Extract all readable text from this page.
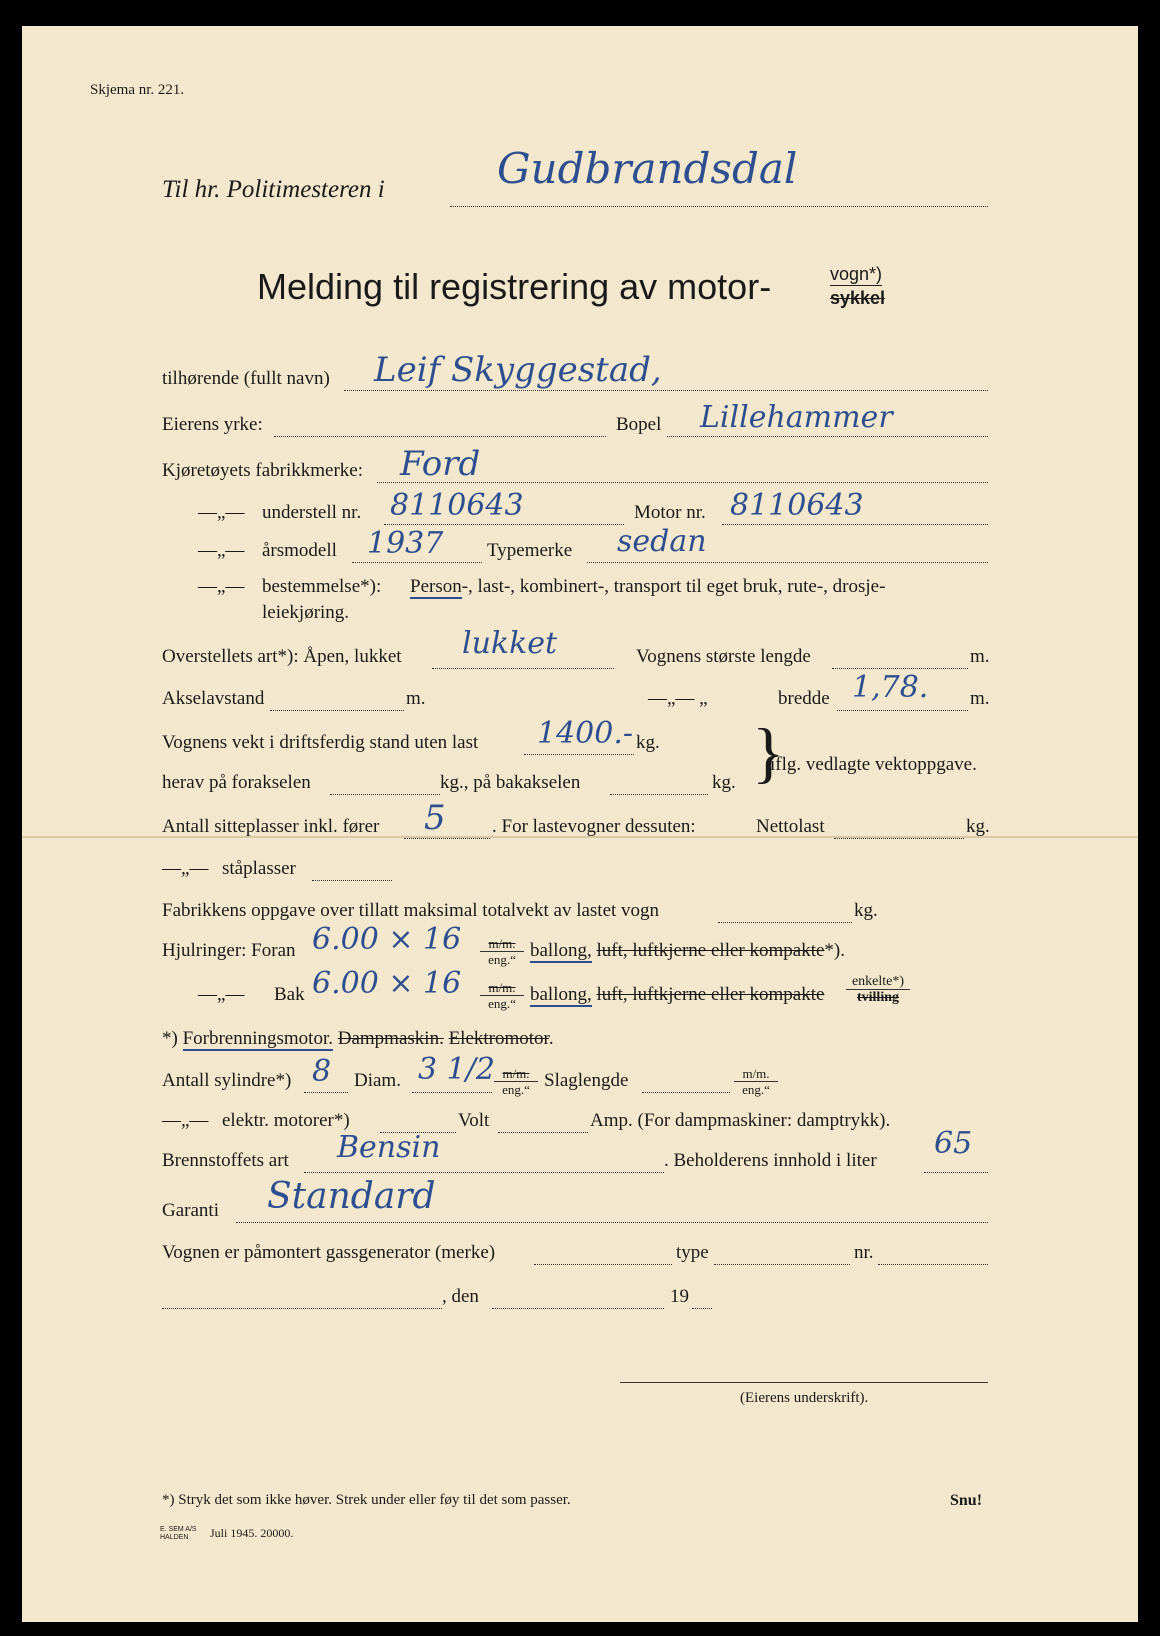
Skjema nr. 221.
Til hr. Politimesteren i	Gudbrandsdal
Melding til registrering av motor-	vogn*)
sykkel
tilhørende (fullt navn) Leif Skyggestad,
Eierens yrke:	Bopel Lillehammer
Kjøretøyets fabrikkmerke: Ford
—„— understell nr. 8110643	Motor nr. 8110643
—„— årsmodell 1937 Typemerke sedan
—„— bestemmelse*): Person-, last-, kombinert-, transport til eget bruk, rute-, drosje-
leiekjøring.
Overstellets art*): Åpen, lukket lukket	Vognens største lengde	m.
Akselavstand	m.	—„— „	bredde 1,78. m.
Vognens vekt i driftsferdig stand uten last 1400.- kg. }
iflg. vedlagte vektoppgave.
herav på forakselen	kg., på bakakselen	kg.
Antall sitteplasser inkl. fører 5 . For lastevogner dessuten:	Nettolast	kg.
—„— ståplasser
Fabrikkens oppgave over tillatt maksimal totalvekt av lastet vogn	kg.
Hjulringer: Foran 6.00 × 16	m/m.
eng.“ ballong, luft, luftkjerne eller kompakte*).
—„— Bak 6.00 × 16	m/m.
eng.“ ballong, luft, luftkjerne eller kompakte
enkelte*)
tvilling
*) Forbrenningsmotor. Dampmaskin. Elektromotor.
Antall sylindre*) 8 Diam. 3 1/2 m/m.
eng.“ Slaglengde	m/m.
eng.“
—„— elektr. motorer*)	Volt	Amp. (For dampmaskiner: damptrykk).
Brennstoffets art Bensin	. Beholderens innhold i liter 65
Garanti Standard
Vognen er påmontert gassgenerator (merke)	type	nr.
, den	19
(Eierens underskrift).
*) Stryk det som ikke høver. Strek under eller føy til det som passer.	Snu!
E. SEM A/S
HALDEN	Juli 1945. 20000.
